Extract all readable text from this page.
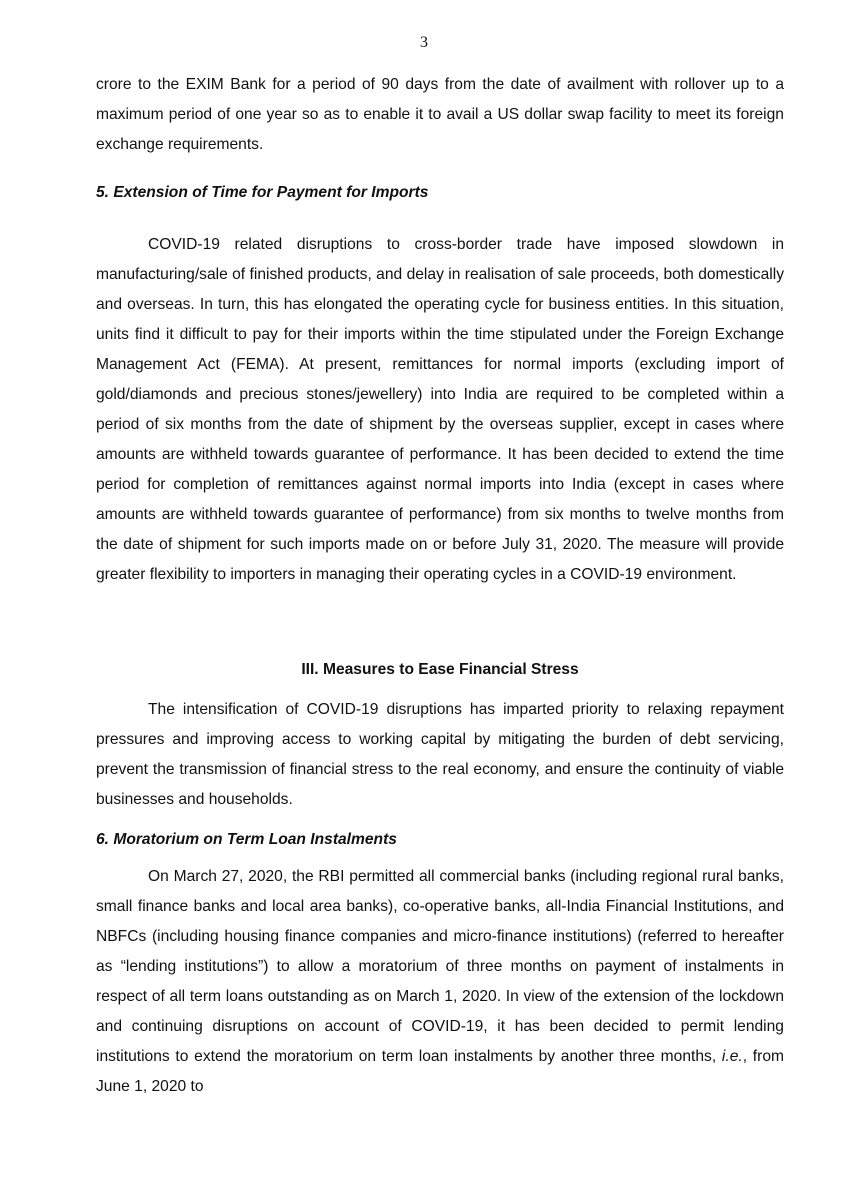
3

crore to the EXIM Bank for a period of 90 days from the date of availment with rollover up to a maximum period of one year so as to enable it to avail a US dollar swap facility to meet its foreign exchange requirements.

5. Extension of Time for Payment for Imports

COVID-19 related disruptions to cross-border trade have imposed slowdown in manufacturing/sale of finished products, and delay in realisation of sale proceeds, both domestically and overseas. In turn, this has elongated the operating cycle for business entities. In this situation, units find it difficult to pay for their imports within the time stipulated under the Foreign Exchange Management Act (FEMA). At present, remittances for normal imports (excluding import of gold/diamonds and precious stones/jewellery) into India are required to be completed within a period of six months from the date of shipment by the overseas supplier, except in cases where amounts are withheld towards guarantee of performance. It has been decided to extend the time period for completion of remittances against normal imports into India (except in cases where amounts are withheld towards guarantee of performance) from six months to twelve months from the date of shipment for such imports made on or before July 31, 2020. The measure will provide greater flexibility to importers in managing their operating cycles in a COVID-19 environment.

III. Measures to Ease Financial Stress

The intensification of COVID-19 disruptions has imparted priority to relaxing repayment pressures and improving access to working capital by mitigating the burden of debt servicing, prevent the transmission of financial stress to the real economy, and ensure the continuity of viable businesses and households.

6. Moratorium on Term Loan Instalments

On March 27, 2020, the RBI permitted all commercial banks (including regional rural banks, small finance banks and local area banks), co-operative banks, all-India Financial Institutions, and NBFCs (including housing finance companies and micro-finance institutions) (referred to hereafter as “lending institutions”) to allow a moratorium of three months on payment of instalments in respect of all term loans outstanding as on March 1, 2020. In view of the extension of the lockdown and continuing disruptions on account of COVID-19, it has been decided to permit lending institutions to extend the moratorium on term loan instalments by another three months, i.e., from June 1, 2020 to
